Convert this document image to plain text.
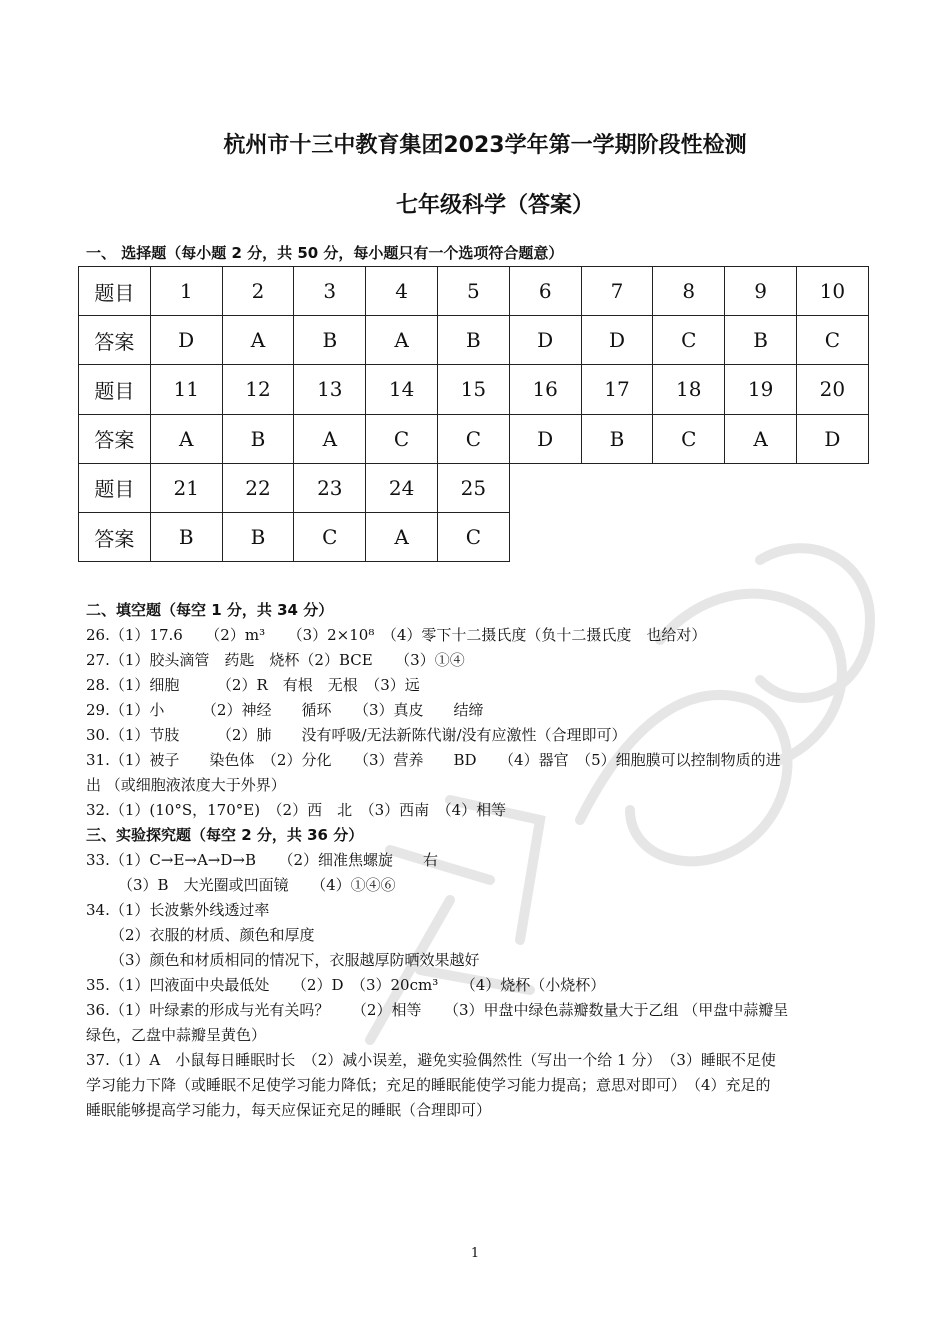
杭州市十三中教育集团2023学年第一学期阶段性检测
七年级科学（答案）
一、 选择题（每小题 2 分，共 50 分，每小题只有一个选项符合题意）
题目	1	2	3	4	5	6	7	8	9	10
答案	D	A	B	A	B	D	D	C	B	C
题目	11	12	13	14	15	16	17	18	19	20
答案	A	B	A	C	C	D	B	C	A	D
题目	21	22	23	24	25					
答案	B	B	C	A	C					
二、填空题（每空 1 分，共 34 分）
26.（1）17.6　　（2）m³　　（3）2×10⁸　（4）零下十二摄氏度（负十二摄氏度　也给对）
27.（1）胶头滴管　药匙　烧杯（2）BCE　　（3）①④
28.（1）细胞　　　（2）R　有根　无根　（3）远
29.（1）小　　　（2）神经　　循环　　（3）真皮　　结缔
30.（1）节肢　　　（2）肺　　没有呼吸/无法新陈代谢/没有应激性（合理即可）
31.（1）被子　　染色体　（2）分化　　（3）营养　　BD　　（4）器官　（5）细胞膜可以控制物质的进
出 （或细胞液浓度大于外界）
32.（1）(10°S，170°E)　（2）西　北　（3）西南　（4）相等
三、实验探究题（每空 2 分，共 36 分）
33.（1）C→E→A→D→B　　（2）细准焦螺旋　　右
（3）B　大光圈或凹面镜　　（4）①④⑥
34.（1）长波紫外线透过率
（2）衣服的材质、颜色和厚度
（3）颜色和材质相同的情况下，衣服越厚防晒效果越好
35.（1）凹液面中央最低处　　（2）D　（3）20cm³　　（4）烧杯（小烧杯）
36.（1）叶绿素的形成与光有关吗？　　（2）相等　　（3）甲盘中绿色蒜瓣数量大于乙组 （甲盘中蒜瓣呈
绿色，乙盘中蒜瓣呈黄色）
37.（1）A　小鼠每日睡眠时长　（2）减小误差，避免实验偶然性（写出一个给 1 分）　（3）睡眠不足使
学习能力下降（或睡眠不足使学习能力降低；充足的睡眠能使学习能力提高；意思对即可）　（4）充足的
睡眠能够提高学习能力，每天应保证充足的睡眠（合理即可）
1
